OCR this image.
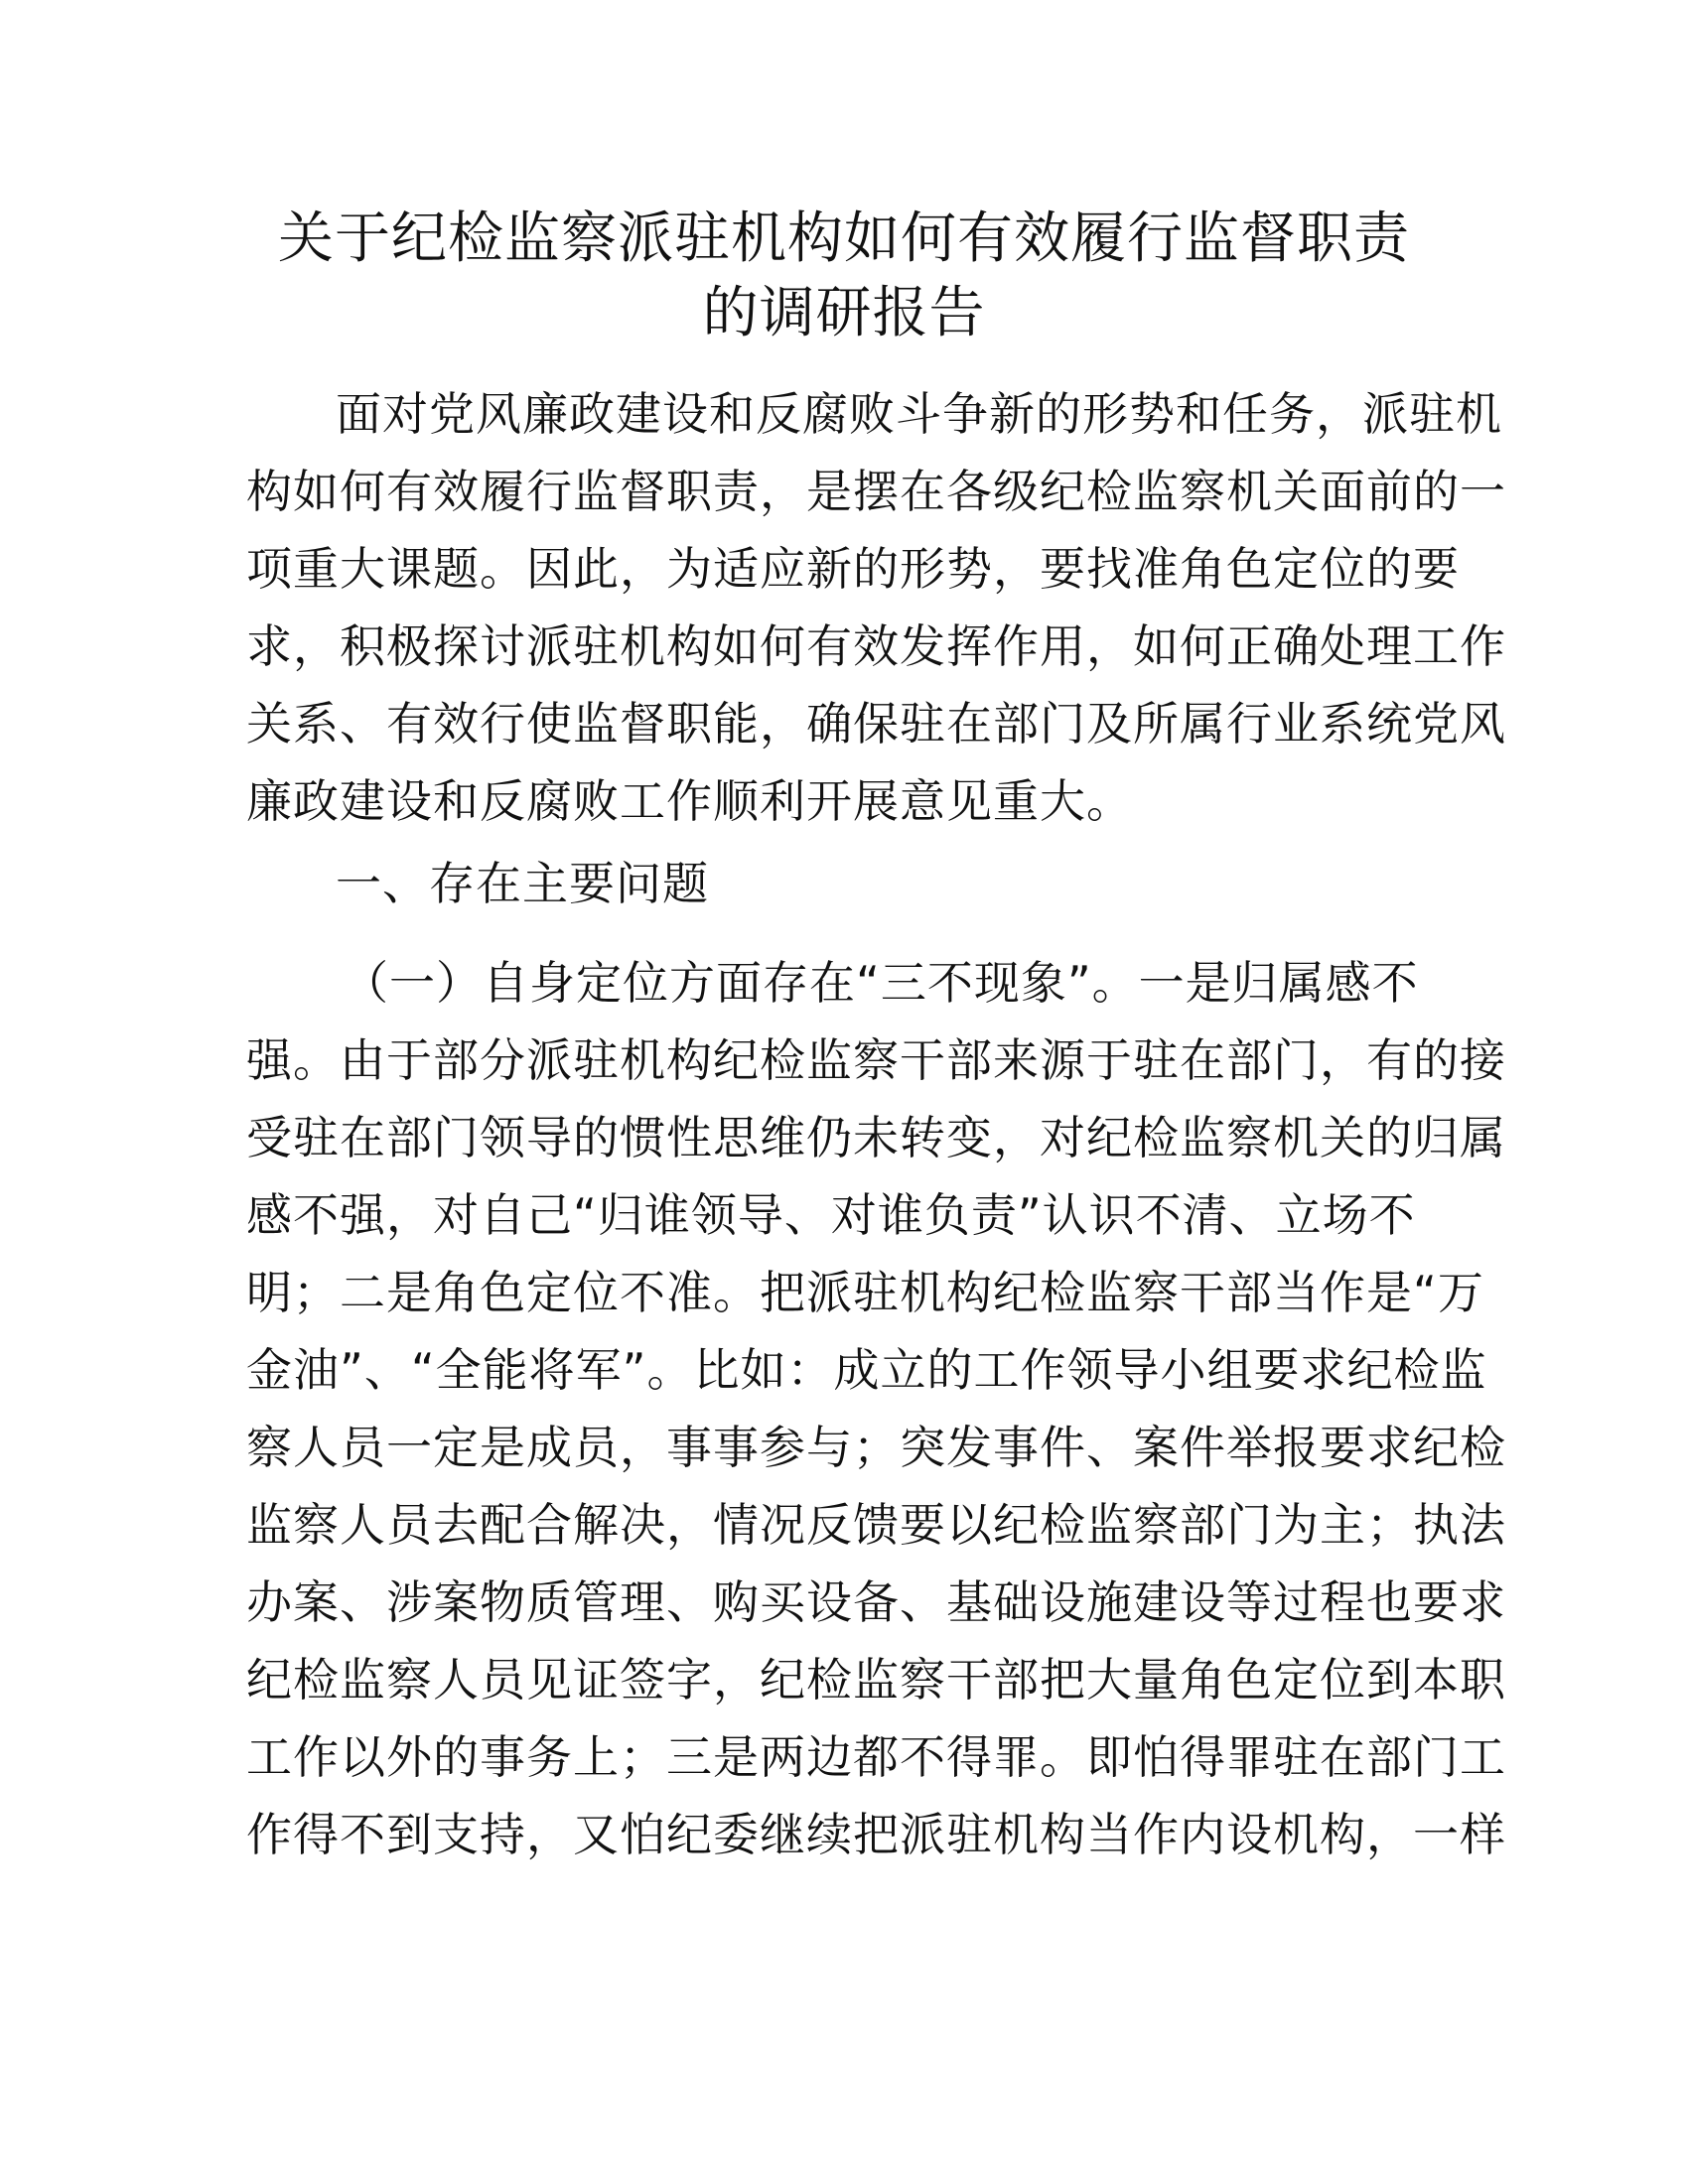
关于纪检监察派驻机构如何有效履行监督职责
的调研报告
面对党风廉政建设和反腐败斗争新的形势和任务，派驻机
构如何有效履行监督职责，是摆在各级纪检监察机关面前的一
项重大课题。因此，为适应新的形势，要找准角色定位的要
求，积极探讨派驻机构如何有效发挥作用，如何正确处理工作
关系、有效行使监督职能，确保驻在部门及所属行业系统党风
廉政建设和反腐败工作顺利开展意见重大。
一、存在主要问题
（一）自身定位方面存在“三不现象”。一是归属感不
强。由于部分派驻机构纪检监察干部来源于驻在部门，有的接
受驻在部门领导的惯性思维仍未转变，对纪检监察机关的归属
感不强，对自己“归谁领导、对谁负责”认识不清、立场不
明；二是角色定位不准。把派驻机构纪检监察干部当作是“万
金油”、“全能将军”。比如：成立的工作领导小组要求纪检监
察人员一定是成员，事事参与；突发事件、案件举报要求纪检
监察人员去配合解决，情况反馈要以纪检监察部门为主；执法
办案、涉案物质管理、购买设备、基础设施建设等过程也要求
纪检监察人员见证签字，纪检监察干部把大量角色定位到本职
工作以外的事务上；三是两边都不得罪。即怕得罪驻在部门工
作得不到支持，又怕纪委继续把派驻机构当作内设机构，一样
